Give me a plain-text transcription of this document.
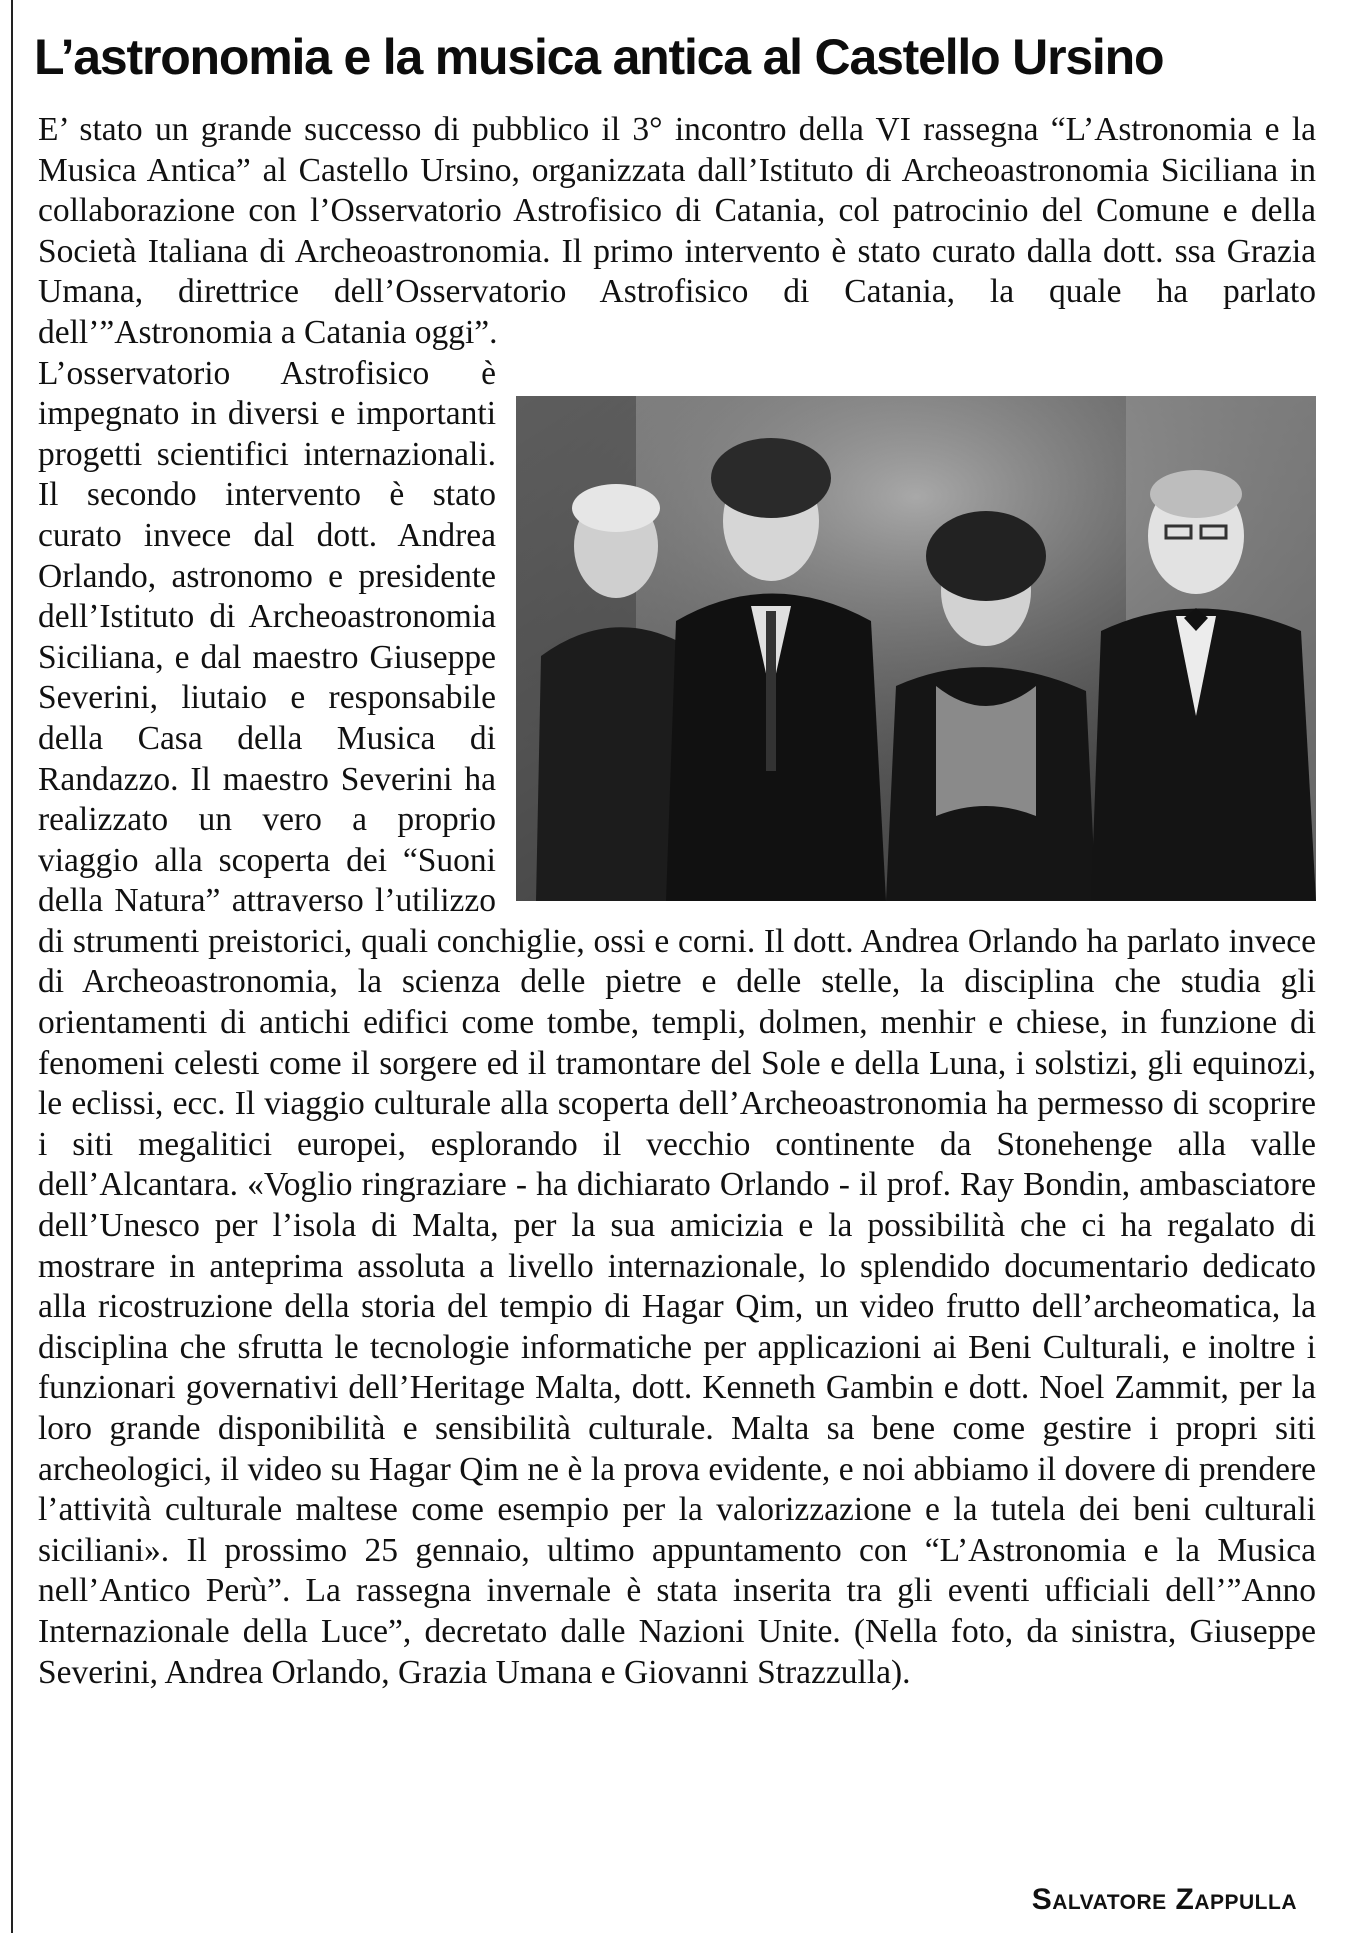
L’astronomia e la musica antica al Castello Ursino

E’ stato un grande successo di pubblico il 3° incontro della VI rassegna “L’Astronomia e la Musica Antica” al Castello Ursino, organizzata dall’Istituto di Archeoastronomia Siciliana in collaborazione con l’Osservatorio Astrofisico di Catania, col patrocinio del Comune e della Società Italiana di Archeoastronomia. Il primo intervento è stato curato dalla dott. ssa Grazia Umana, direttrice dell’Osservatorio Astrofisico di Catania, la quale ha parlato dell’”Astronomia a Catania oggi”.

L’osservatorio Astrofisico è impegnato in diversi e importanti progetti scientifici internazionali. Il secondo intervento è stato curato invece dal dott. Andrea Orlando, astronomo e presidente dell’Istituto di Archeoastronomia Siciliana, e dal maestro Giuseppe Severini, liutaio e responsabile della Casa della Musica di Randazzo. Il maestro Severini ha realizzato un vero a proprio viaggio alla scoperta dei “Suoni della Natura” attraverso l’utilizzo di strumenti preistorici, quali conchiglie, ossi e corni. Il dott. Andrea Orlando ha parlato invece di Archeoastronomia, la scienza delle pietre e delle stelle, la disciplina che studia gli orientamenti di antichi edifici come tombe, templi, dolmen, menhir e chiese, in funzione di fenomeni celesti come il sorgere ed il tramontare del Sole e della Luna, i solstizi, gli equinozi, le eclissi, ecc. Il viaggio culturale alla scoperta dell’Archeoastronomia ha permesso di scoprire i siti megalitici europei, esplorando il vecchio continente da Stonehenge alla valle dell’Alcantara. «Voglio ringraziare - ha dichiarato Orlando - il prof. Ray Bondin, ambasciatore dell’Unesco per l’isola di Malta, per la sua amicizia e la possibilità che ci ha regalato di mostrare in anteprima assoluta a livello internazionale, lo splendido documentario dedicato alla ricostruzione della storia del tempio di Hagar Qim, un video frutto dell’archeomatica, la disciplina che sfrutta le tecnologie informatiche per applicazioni ai Beni Culturali, e inoltre i funzionari governativi dell’Heritage Malta, dott. Kenneth Gambin e dott. Noel Zammit, per la loro grande disponibilità e sensibilità culturale. Malta sa bene come gestire i propri siti archeologici, il video su Hagar Qim ne è la prova evidente, e noi abbiamo il dovere di prendere l’attività culturale maltese come esempio per la valorizzazione e la tutela dei beni culturali siciliani». Il prossimo 25 gennaio, ultimo appuntamento con “L’Astronomia e la Musica nell’Antico Perù”. La rassegna invernale è stata inserita tra gli eventi ufficiali dell’”Anno Internazionale della Luce”, decretato dalle Nazioni Unite. (Nella foto, da sinistra, Giuseppe Severini, Andrea Orlando, Grazia Umana e Giovanni Strazzulla).

Salvatore Zappulla
